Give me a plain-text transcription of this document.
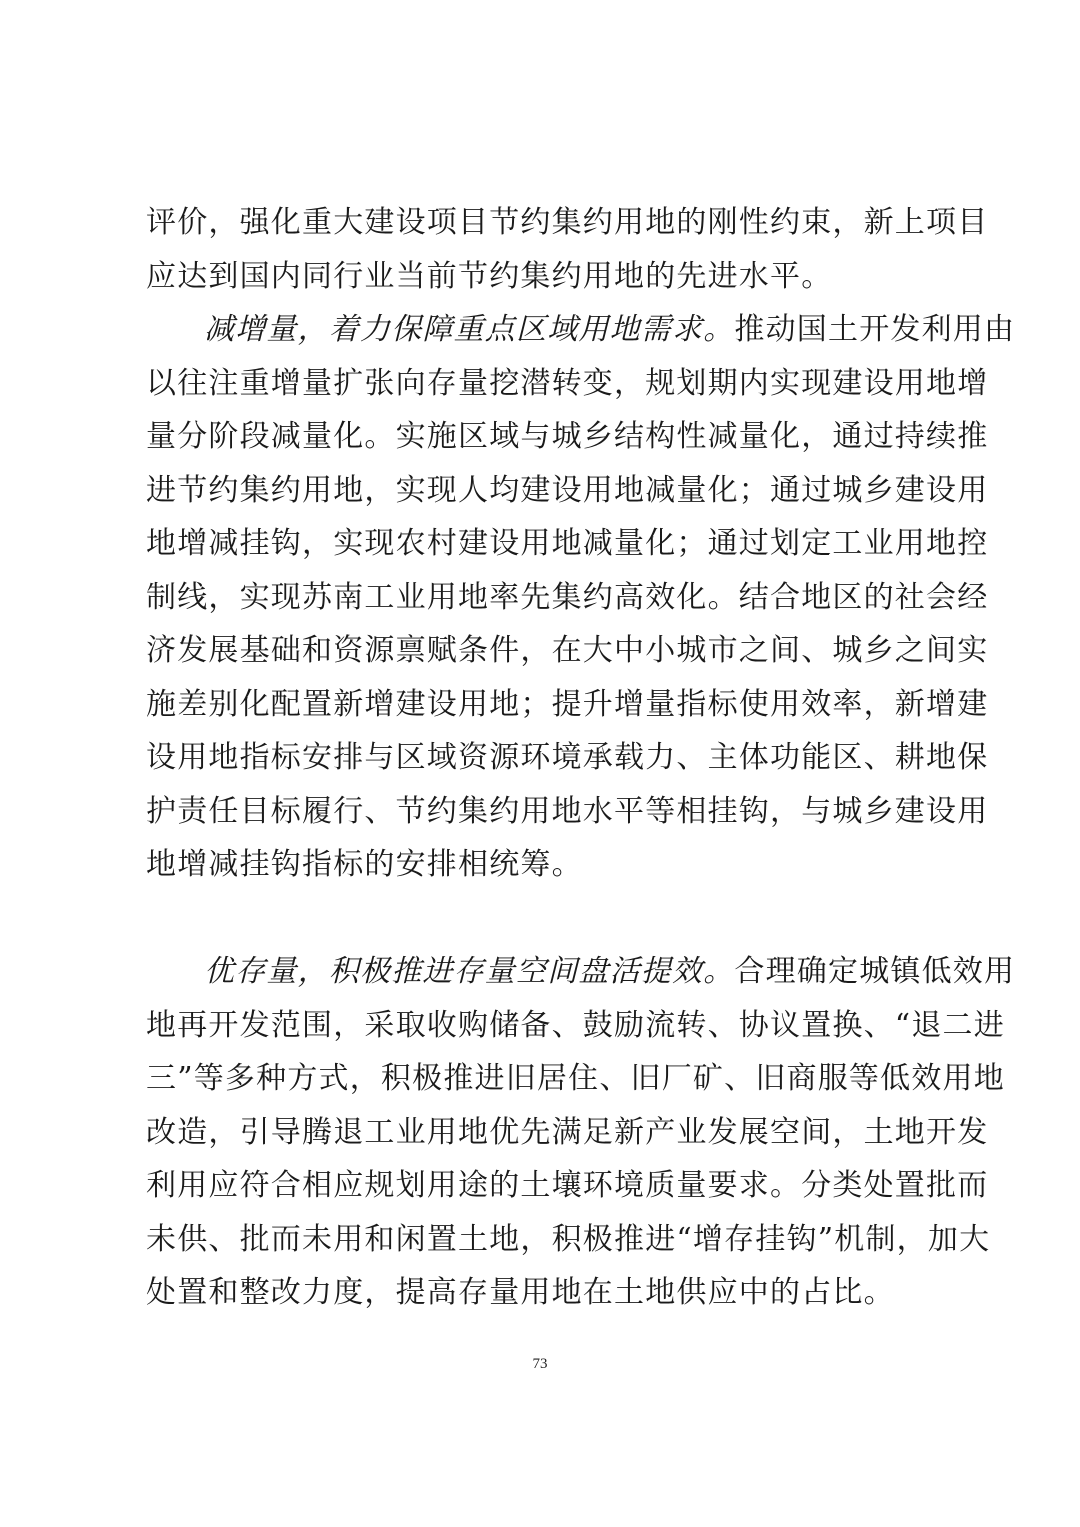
评价，强化重大建设项目节约集约用地的刚性约束，新上项目
应达到国内同行业当前节约集约用地的先进水平。
减增量，着力保障重点区域用地需求。推动国土开发利用由
以往注重增量扩张向存量挖潜转变，规划期内实现建设用地增
量分阶段减量化。实施区域与城乡结构性减量化，通过持续推
进节约集约用地，实现人均建设用地减量化；通过城乡建设用
地增减挂钩，实现农村建设用地减量化；通过划定工业用地控
制线，实现苏南工业用地率先集约高效化。结合地区的社会经
济发展基础和资源禀赋条件，在大中小城市之间、城乡之间实
施差别化配置新增建设用地；提升增量指标使用效率，新增建
设用地指标安排与区域资源环境承载力、主体功能区、耕地保
护责任目标履行、节约集约用地水平等相挂钩，与城乡建设用
地增减挂钩指标的安排相统筹。
优存量，积极推进存量空间盘活提效。合理确定城镇低效用
地再开发范围，采取收购储备、鼓励流转、协议置换、“退二进
三”等多种方式，积极推进旧居住、旧厂矿、旧商服等低效用地
改造，引导腾退工业用地优先满足新产业发展空间，土地开发
利用应符合相应规划用途的土壤环境质量要求。分类处置批而
未供、批而未用和闲置土地，积极推进“增存挂钩”机制，加大
处置和整改力度，提高存量用地在土地供应中的占比。
73
